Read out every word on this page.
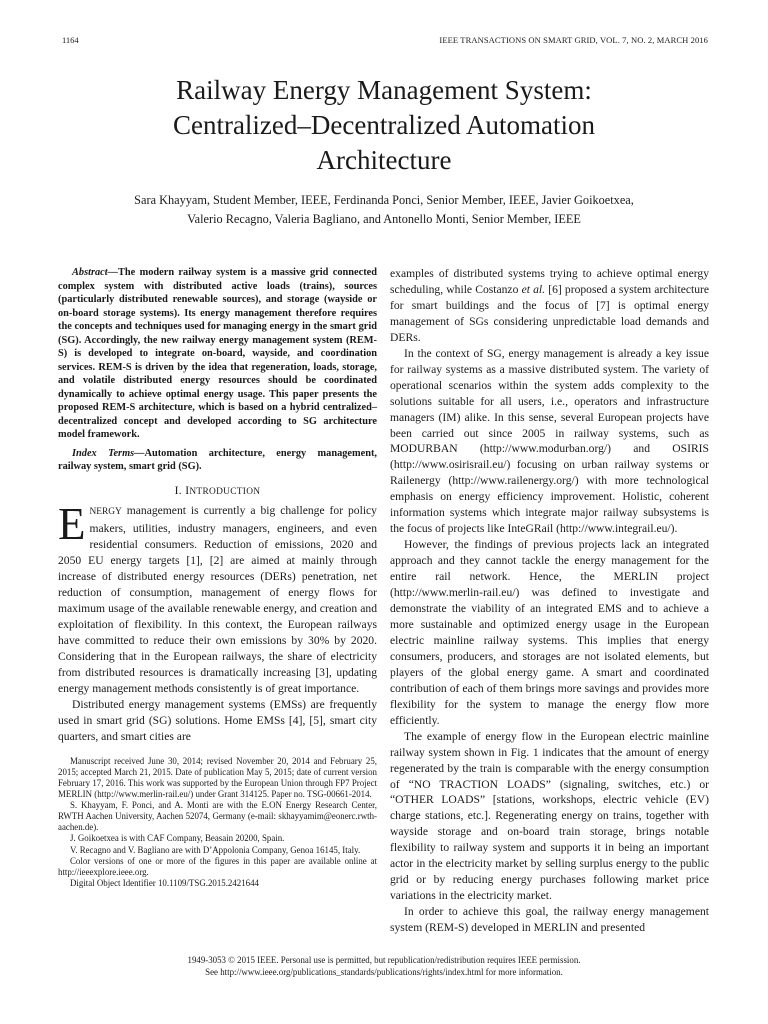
1164	IEEE TRANSACTIONS ON SMART GRID, VOL. 7, NO. 2, MARCH 2016
Railway Energy Management System:
Centralized–Decentralized Automation
Architecture
Sara Khayyam, Student Member, IEEE, Ferdinanda Ponci, Senior Member, IEEE, Javier Goikoetxea,
Valerio Recagno, Valeria Bagliano, and Antonello Monti, Senior Member, IEEE

Abstract—The modern railway system is a massive grid connected complex system with distributed active loads (trains), sources (particularly distributed renewable sources), and storage (wayside or on-board storage systems). Its energy management therefore requires the concepts and techniques used for managing energy in the smart grid (SG). Accordingly, the new railway energy management system (REM-S) is developed to integrate on-board, wayside, and coordination services. REM-S is driven by the idea that regeneration, loads, storage, and volatile distributed energy resources should be coordinated dynamically to achieve optimal energy usage. This paper presents the proposed REM-S architecture, which is based on a hybrid centralized–decentralized concept and developed according to SG architecture model framework.

Index Terms—Automation architecture, energy management, railway system, smart grid (SG).

I. INTRODUCTION

ENERGY management is currently a big challenge for policy makers, utilities, industry managers, engineers, and even residential consumers. Reduction of emissions, 2020 and 2050 EU energy targets [1], [2] are aimed at mainly through increase of distributed energy resources (DERs) penetration, net reduction of consumption, management of energy flows for maximum usage of the available renewable energy, and creation and exploitation of flexibility. In this context, the European railways have committed to reduce their own emissions by 30% by 2020. Considering that in the European railways, the share of electricity from distributed resources is dramatically increasing [3], updating energy management methods consistently is of great importance.

Distributed energy management systems (EMSs) are frequently used in smart grid (SG) solutions. Home EMSs [4], [5], smart city quarters, and smart cities are

Manuscript received June 30, 2014; revised November 20, 2014 and February 25, 2015; accepted March 21, 2015. Date of publication May 5, 2015; date of current version February 17, 2016. This work was supported by the European Union through FP7 Project MERLIN (http://www.merlin-rail.eu/) under Grant 314125. Paper no. TSG-00661-2014.

S. Khayyam, F. Ponci, and A. Monti are with the E.ON Energy Research Center, RWTH Aachen University, Aachen 52074, Germany (e-mail: skhayyamim@eonerc.rwth-aachen.de).

J. Goikoetxea is with CAF Company, Beasain 20200, Spain.

V. Recagno and V. Bagliano are with D’Appolonia Company, Genoa 16145, Italy.

Color versions of one or more of the figures in this paper are available online at http://ieeexplore.ieee.org.

Digital Object Identifier 10.1109/TSG.2015.2421644

examples of distributed systems trying to achieve optimal energy scheduling, while Costanzo et al. [6] proposed a system architecture for smart buildings and the focus of [7] is optimal energy management of SGs considering unpredictable load demands and DERs.

In the context of SG, energy management is already a key issue for railway systems as a massive distributed system. The variety of operational scenarios within the system adds complexity to the solutions suitable for all users, i.e., operators and infrastructure managers (IM) alike. In this sense, several European projects have been carried out since 2005 in railway systems, such as MODURBAN (http://www.modurban.org/) and OSIRIS (http://www.osirisrail.eu/) focusing on urban railway systems or Railenergy (http://www.railenergy.org/) with more technological emphasis on energy efficiency improvement. Holistic, coherent information systems which integrate major railway subsystems is the focus of projects like InteGRail (http://www.integrail.eu/).

However, the findings of previous projects lack an integrated approach and they cannot tackle the energy management for the entire rail network. Hence, the MERLIN project (http://www.merlin-rail.eu/) was defined to investigate and demonstrate the viability of an integrated EMS and to achieve a more sustainable and optimized energy usage in the European electric mainline railway systems. This implies that energy consumers, producers, and storages are not isolated elements, but players of the global energy game. A smart and coordinated contribution of each of them brings more savings and provides more flexibility for the system to manage the energy flow more efficiently.

The example of energy flow in the European electric mainline railway system shown in Fig. 1 indicates that the amount of energy regenerated by the train is comparable with the energy consumption of “NO TRACTION LOADS” (signaling, switches, etc.) or “OTHER LOADS” [stations, workshops, electric vehicle (EV) charge stations, etc.]. Regenerating energy on trains, together with wayside storage and on-board train storage, brings notable flexibility to railway system and supports it in being an important actor in the electricity market by selling surplus energy to the public grid or by reducing energy purchases following market price variations in the electricity market.

In order to achieve this goal, the railway energy management system (REM-S) developed in MERLIN and presented

1949-3053 © 2015 IEEE. Personal use is permitted, but republication/redistribution requires IEEE permission.
See http://www.ieee.org/publications_standards/publications/rights/index.html for more information.
